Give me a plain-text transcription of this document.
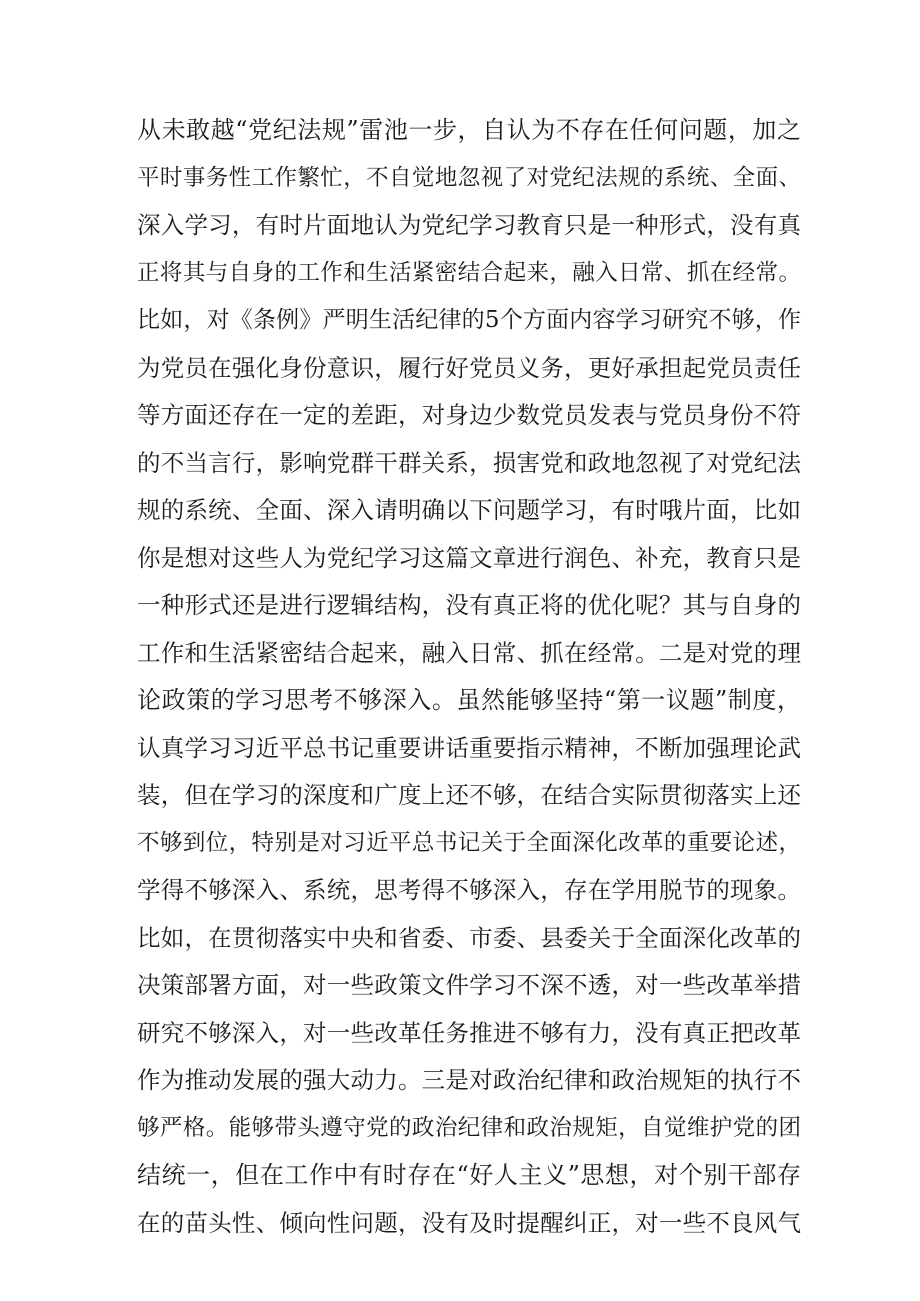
从未敢越“党纪法规”雷池一步，自认为不存在任何问题，加之
平时事务性工作繁忙，不自觉地忽视了对党纪法规的系统、全面、
深入学习，有时片面地认为党纪学习教育只是一种形式，没有真
正将其与自身的工作和生活紧密结合起来，融入日常、抓在经常。
比如，对《条例》严明生活纪律的5个方面内容学习研究不够，作
为党员在强化身份意识，履行好党员义务，更好承担起党员责任
等方面还存在一定的差距，对身边少数党员发表与党员身份不符
的不当言行，影响党群干群关系，损害党和政地忽视了对党纪法
规的系统、全面、深入请明确以下问题学习，有时哦片面，比如
你是想对这些人为党纪学习这篇文章进行润色、补充，教育只是
一种形式还是进行逻辑结构，没有真正将的优化呢？其与自身的
工作和生活紧密结合起来，融入日常、抓在经常。二是对党的理
论政策的学习思考不够深入。虽然能够坚持“第一议题”制度，
认真学习习近平总书记重要讲话重要指示精神，不断加强理论武
装，但在学习的深度和广度上还不够，在结合实际贯彻落实上还
不够到位，特别是对习近平总书记关于全面深化改革的重要论述，
学得不够深入、系统，思考得不够深入，存在学用脱节的现象。
比如，在贯彻落实中央和省委、市委、县委关于全面深化改革的
决策部署方面，对一些政策文件学习不深不透，对一些改革举措
研究不够深入，对一些改革任务推进不够有力，没有真正把改革
作为推动发展的强大动力。三是对政治纪律和政治规矩的执行不
够严格。能够带头遵守党的政治纪律和政治规矩，自觉维护党的团
结统一，但在工作中有时存在“好人主义”思想，对个别干部存
在的苗头性、倾向性问题，没有及时提醒纠正，对一些不良风气
